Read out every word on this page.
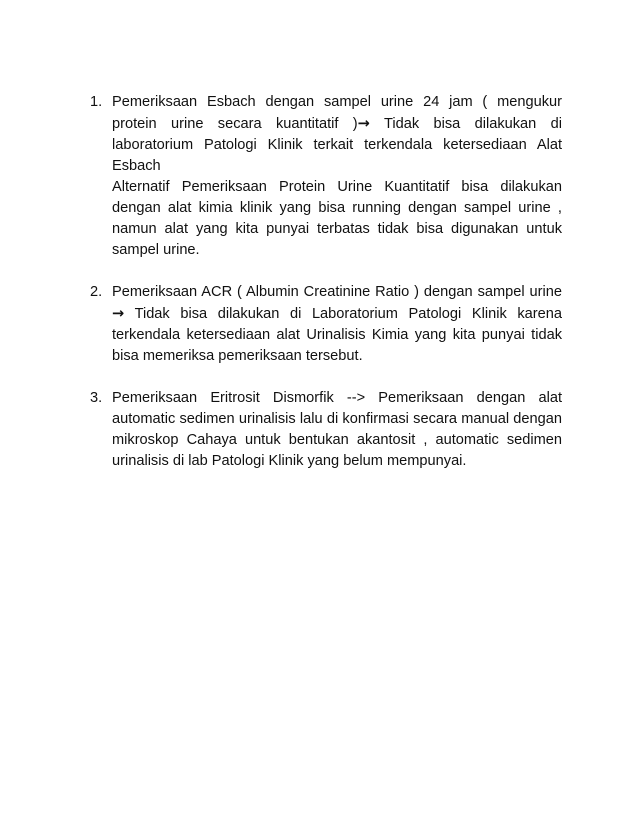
1. Pemeriksaan Esbach dengan sampel urine 24 jam ( mengukur protein urine secara kuantitatif )→ Tidak bisa dilakukan di laboratorium Patologi Klinik terkait terkendala ketersediaan Alat Esbach
Alternatif Pemeriksaan Protein Urine Kuantitatif bisa dilakukan dengan alat kimia klinik yang bisa running dengan sampel urine , namun alat yang kita punyai terbatas tidak bisa digunakan untuk sampel urine.
2. Pemeriksaan ACR ( Albumin Creatinine Ratio ) dengan sampel urine → Tidak bisa dilakukan di Laboratorium Patologi Klinik karena terkendala ketersediaan alat Urinalisis Kimia yang kita punyai tidak bisa memeriksa pemeriksaan tersebut.
3. Pemeriksaan Eritrosit Dismorfik --> Pemeriksaan dengan alat automatic sedimen urinalisis lalu di konfirmasi secara manual dengan mikroskop Cahaya untuk bentukan akantosit , automatic sedimen urinalisis di lab Patologi Klinik yang belum mempunyai.
